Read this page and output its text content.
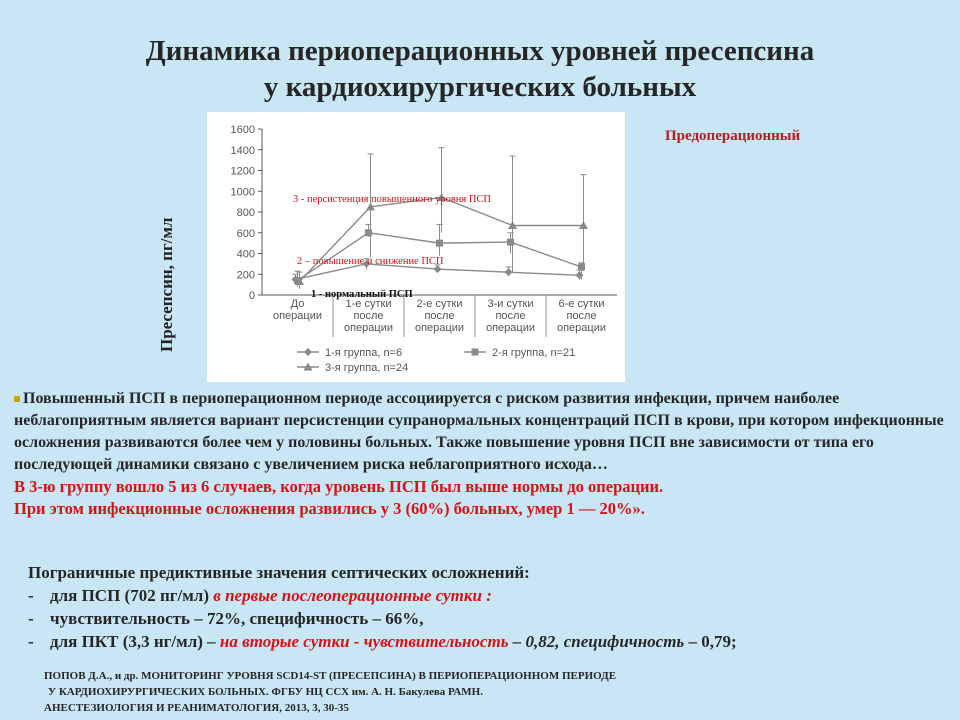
Динамика периоперационных уровней пресепсина
у кардиохирургических больных
Пресепсин, пг/мл
Предоперационный
0
200
400
600
800
1000
1200
1400
1600
До
операции
1-е сутки
после
операции
2-е сутки
после
операции
3-и сутки
после
операции
6-е сутки
после
операции
3 - персистенция повышенного уровня ПСП
2 – повышение и снижение ПСП
1 - нормальный ПСП
1-я группа, n=6	2-я группа, n=21
3-я группа, n=24
Повышенный ПСП в периоперационном периоде ассоциируется с риском развития инфекции, причем наиболее неблагоприятным является вариант персистенции супранормальных концентраций ПСП в крови, при котором инфекционные осложнения развиваются более чем у половины больных. Также повышение уровня ПСП вне зависимости от типа его последующей динамики связано с увеличением риска неблагоприятного исхода…
В 3-ю группу вошло 5 из 6 случаев, когда уровень ПСП был выше нормы до операции.
При этом инфекционные осложнения развились у 3 (60%) больных, умер 1 — 20%».
Пограничные предиктивные значения септических осложнений:
- для ПСП (702 пг/мл) в первые послеоперационные сутки :
- чувствительность – 72%, специфичность – 66%,
- для ПКТ (3,3 нг/мл) – на вторые сутки - чувствительность – 0,82, специфичность – 0,79;
ПОПОВ Д.А., и др. МОНИТОРИНГ УРОВНЯ SCD14-ST (ПРЕСЕПСИНА) В ПЕРИОПЕРАЦИОННОМ ПЕРИОДЕ
У КАРДИОХИРУРГИЧЕСКИХ БОЛЬНЫХ. ФГБУ НЦ ССХ им. А. Н. Бакулева РАМН.
АНЕСТЕЗИОЛОГИЯ И РЕАНИМАТОЛОГИЯ, 2013, 3, 30-35
